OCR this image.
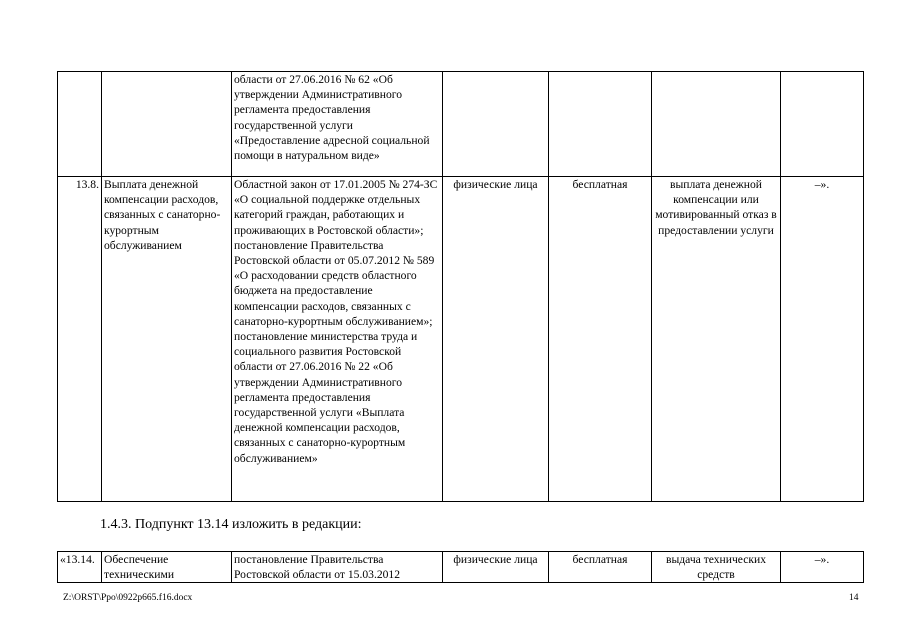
		области от 27.06.2016 № 62 «Об утверждении Административного регламента предоставления государственной услуги «Предоставление адресной социальной помощи в натуральном виде»				
13.8.	Выплата денежной компенсации расходов, связанных с санаторно-курортным обслуживанием	Областной закон от 17.01.2005 № 274-ЗС «О социальной поддержке отдельных категорий граждан, работающих и проживающих в Ростовской области»; постановление Правительства Ростовской области от 05.07.2012 № 589 «О расходовании средств областного бюджета на предоставление компенсации расходов, связанных с санаторно-курортным обслуживанием»; постановление министерства труда и социального развития Ростовской области от 27.06.2016 № 22 «Об утверждении Административного регламента предоставления государственной услуги «Выплата денежной компенсации расходов, связанных с санаторно-курортным обслуживанием»	физические лица	бесплатная	выплата денежной компенсации или мотивированный отказ в предоставлении услуги	–».
1.4.3. Подпункт 13.14 изложить в редакции:
«13.14.	Обеспечение техническими	постановление Правительства Ростовской области от 15.03.2012	физические лица	бесплатная	выдача технических средств	–».
Z:\ORST\Ppo\0922p665.f16.docx	14
